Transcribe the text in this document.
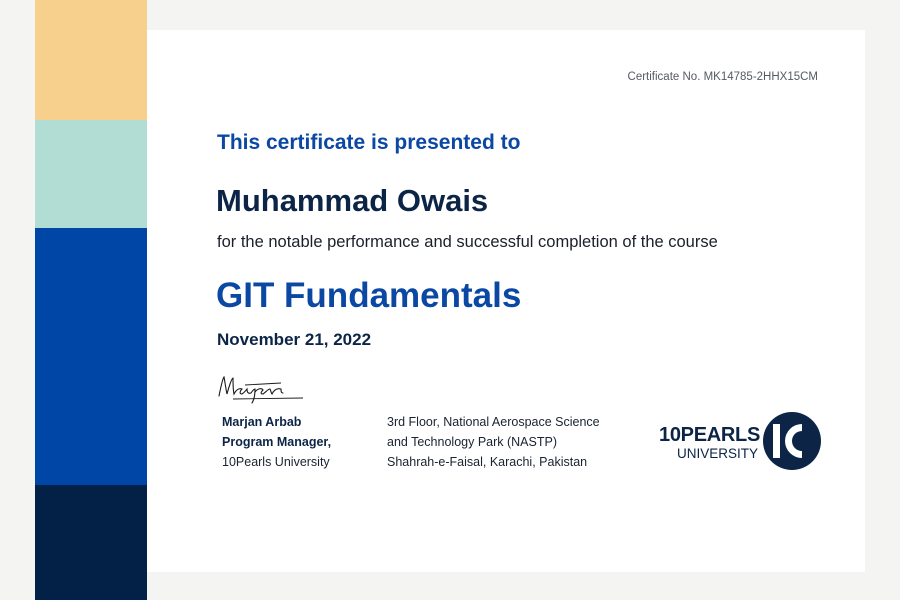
Certificate No. MK14785-2HHX15CM
This certificate is presented to
Muhammad Owais
for the notable performance and successful completion of the course
GIT Fundamentals
November 21, 2022
Marjan Arbab
Program Manager,
10Pearls University
3rd Floor, National Aerospace Science
and Technology Park (NASTP)
Shahrah-e-Faisal, Karachi, Pakistan
10PEARLS
UNIVERSITY
